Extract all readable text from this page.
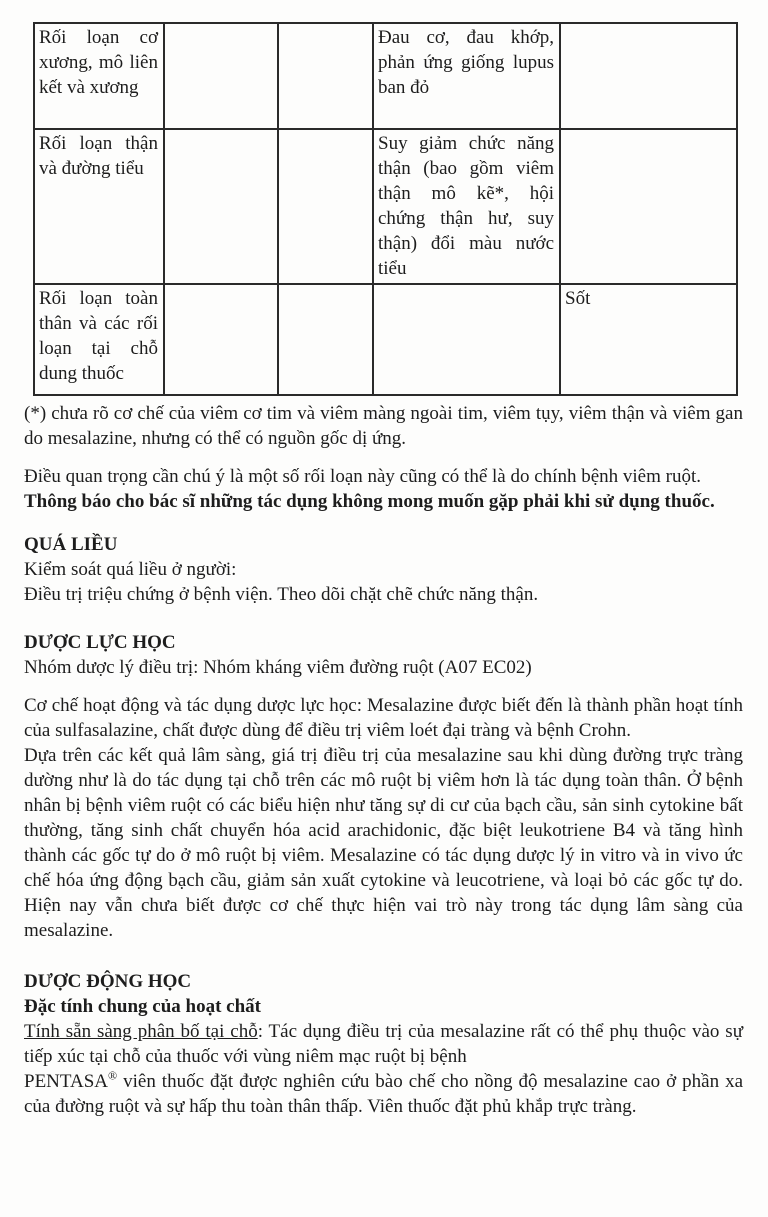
Rối loạn cơ xương, mô liên kết và xương			Đau cơ, đau khớp, phản ứng giống lupus ban đỏ	
Rối loạn thận và đường tiểu			Suy giảm chức năng thận (bao gồm viêm thận mô kẽ*, hội chứng thận hư, suy thận) đổi màu nước tiểu	
Rối loạn toàn thân và các rối loạn tại chỗ dung thuốc				Sốt

(*) chưa rõ cơ chế của viêm cơ tim và viêm màng ngoài tim, viêm tụy, viêm thận và viêm gan do mesalazine, nhưng có thể có nguồn gốc dị ứng.

Điều quan trọng cần chú ý là một số rối loạn này cũng có thể là do chính bệnh viêm ruột.

Thông báo cho bác sĩ những tác dụng không mong muốn gặp phải khi sử dụng thuốc.

QUÁ LIỀU

Kiểm soát quá liều ở người:

Điều trị triệu chứng ở bệnh viện. Theo dõi chặt chẽ chức năng thận.

DƯỢC LỰC HỌC

Nhóm dược lý điều trị: Nhóm kháng viêm đường ruột (A07 EC02)

Cơ chế hoạt động và tác dụng dược lực học: Mesalazine được biết đến là thành phần hoạt tính của sulfasalazine, chất được dùng để điều trị viêm loét đại tràng và bệnh Crohn.

Dựa trên các kết quả lâm sàng, giá trị điều trị của mesalazine sau khi dùng đường trực tràng dường như là do tác dụng tại chỗ trên các mô ruột bị viêm hơn là tác dụng toàn thân. Ở bệnh nhân bị bệnh viêm ruột có các biểu hiện như tăng sự di cư của bạch cầu, sản sinh cytokine bất thường, tăng sinh chất chuyển hóa acid arachidonic, đặc biệt leukotriene B4 và tăng hình thành các gốc tự do ở mô ruột bị viêm. Mesalazine có tác dụng dược lý in vitro và in vivo ức chế hóa ứng động bạch cầu, giảm sản xuất cytokine và leucotriene, và loại bỏ các gốc tự do. Hiện nay vẫn chưa biết được cơ chế thực hiện vai trò này trong tác dụng lâm sàng của mesalazine.

DƯỢC ĐỘNG HỌC

Đặc tính chung của hoạt chất

Tính sẵn sàng phân bố tại chỗ: Tác dụng điều trị của mesalazine rất có thể phụ thuộc vào sự tiếp xúc tại chỗ của thuốc với vùng niêm mạc ruột bị bệnh

PENTASA® viên thuốc đặt được nghiên cứu bào chế cho nồng độ mesalazine cao ở phần xa của đường ruột và sự hấp thu toàn thân thấp. Viên thuốc đặt phủ khắp trực tràng.
